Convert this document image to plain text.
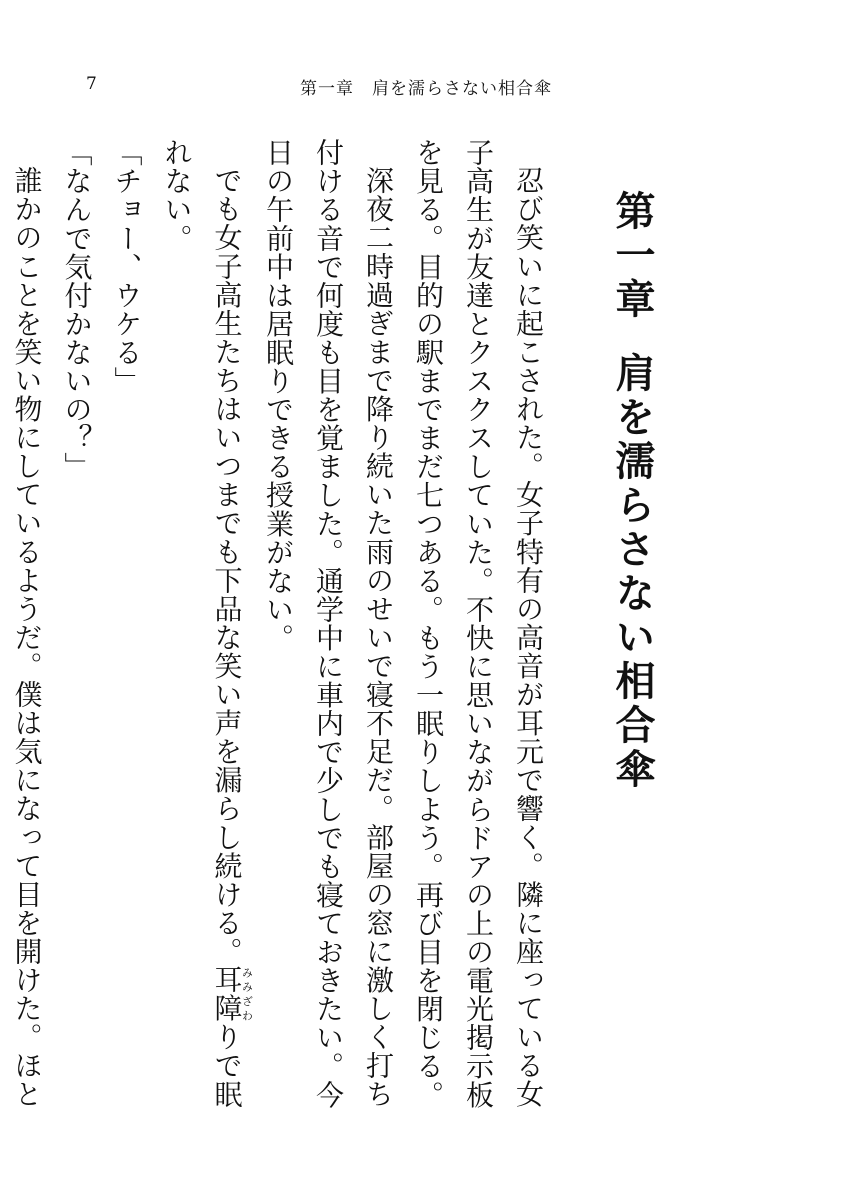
7	第一章　肩を濡らさない相合傘
第一章肩を濡らさない相合傘

忍び笑いに起こされた。女子特有の高音が耳元で響く。隣に座っている女子高生が友達とクスクスしていた。不快に思いながらドアの上の電光掲示板を見る。目的の駅までまだ七つある。もう一眠りしよう。再び目を閉じる。

深夜二時過ぎまで降り続いた雨のせいで寝不足だ。部屋の窓に激しく打ち付ける音で何度も目を覚ました。通学中に車内で少しでも寝ておきたい。今日の午前中は居眠りできる授業がない。

でも女子高生たちはいつまでも下品な笑い声を漏らし続ける。耳障みみざわりで眠れない。

「チョー、ウケる」

「なんで気付かないの？」

誰かのことを笑い物にしているようだ。僕は気になって目を開けた。ほと
